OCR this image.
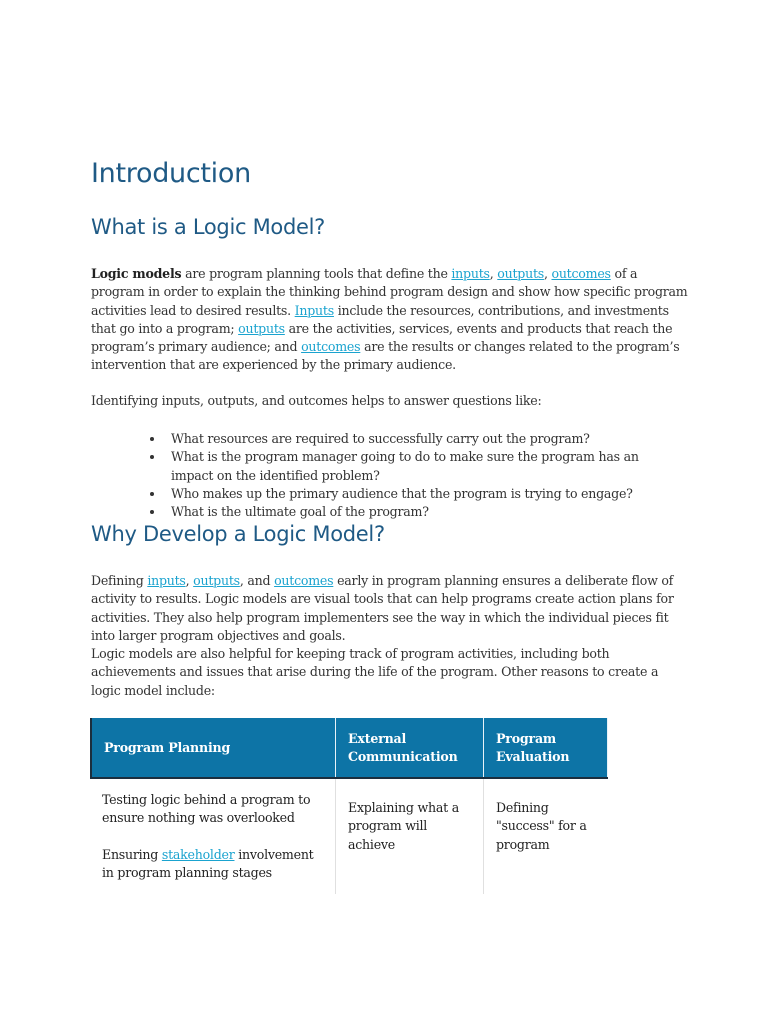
Introduction
What is a Logic Model?

Logic models are program planning tools that define the inputs, outputs, outcomes of a program in order to explain the thinking behind program design and show how specific program activities lead to desired results. Inputs include the resources, contributions, and investments that go into a program; outputs are the activities, services, events and products that reach the program’s primary audience; and outcomes are the results or changes related to the program’s intervention that are experienced by the primary audience.

Identifying inputs, outputs, and outcomes helps to answer questions like:

What resources are required to successfully carry out the program?
What is the program manager going to do to make sure the program has an impact on the identified problem?
Who makes up the primary audience that the program is trying to engage?
What is the ultimate goal of the program?
Why Develop a Logic Model?

Defining inputs, outputs, and outcomes early in program planning ensures a deliberate flow of activity to results. Logic models are visual tools that can help programs create action plans for activities. They also help program implementers see the way in which the individual pieces fit into larger program objectives and goals.

Logic models are also helpful for keeping track of program activities, including both achievements and issues that arise during the life of the program. Other reasons to create a logic model include:

Program Planning
External Communication
Program Evaluation

Testing logic behind a program to ensure nothing was overlooked

Ensuring stakeholder involvement in program planning stages

Explaining what a program will achieve
Defining "success" for a program
